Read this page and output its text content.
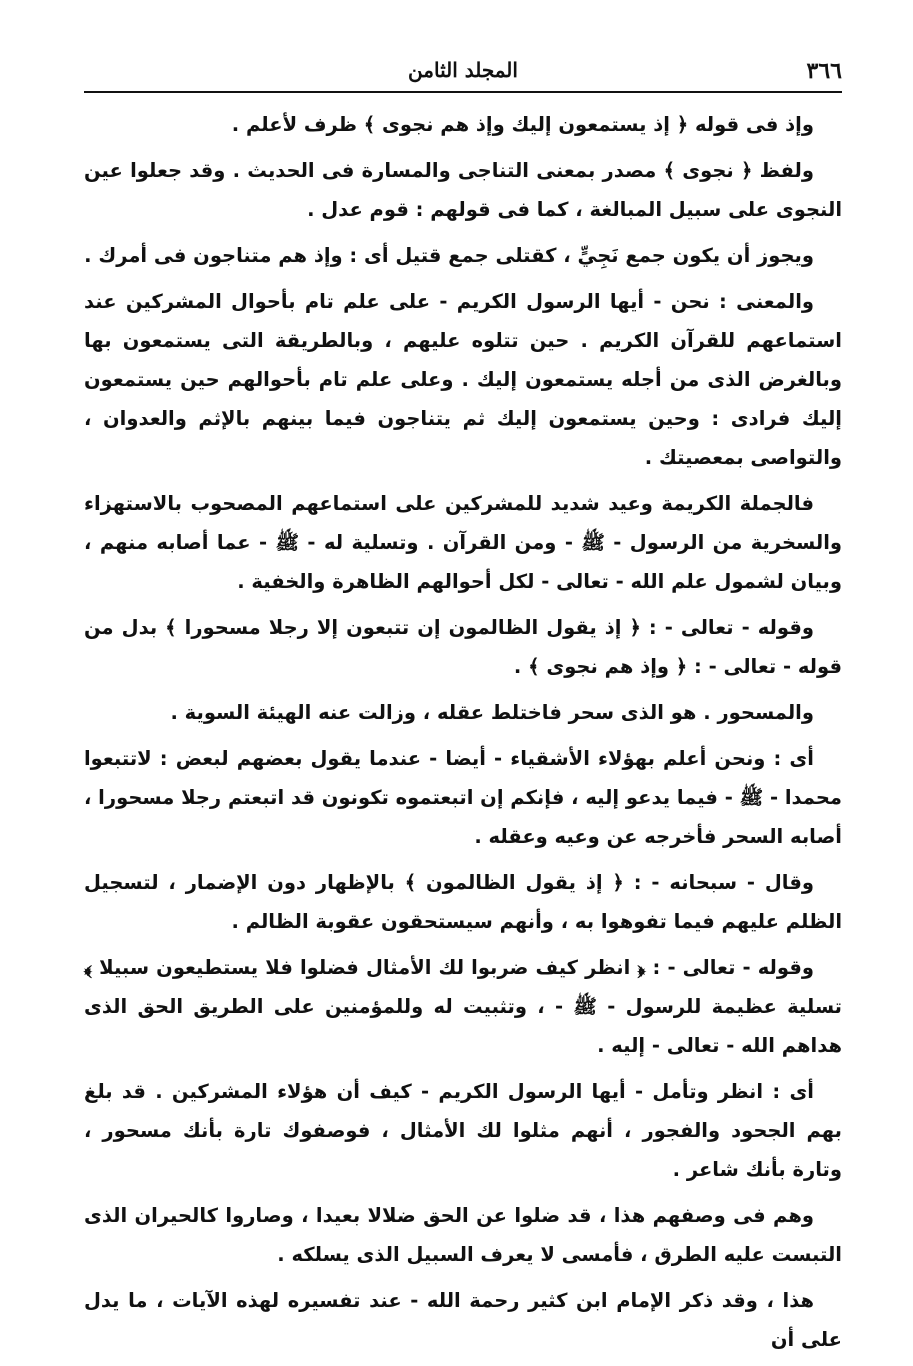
المجلد الثامن	٣٦٦

وإذ فى قوله ﴿ إذ يستمعون إليك وإذ هم نجوى ﴾ ظرف لأعلم .

ولفظ ﴿ نجوى ﴾ مصدر بمعنى التناجى والمسارة فى الحديث . وقد جعلوا عين النجوى على سبيل المبالغة ، كما فى قولهم : قوم عدل .

ويجوز أن يكون جمع نَجِيٍّ ، كقتلى جمع قتيل أى : وإذ هم متناجون فى أمرك .

والمعنى : نحن - أيها الرسول الكريم - على علم تام بأحوال المشركين عند استماعهم للقرآن الكريم . حين تتلوه عليهم ، وبالطريقة التى يستمعون بها وبالغرض الذى من أجله يستمعون إليك . وعلى علم تام بأحوالهم حين يستمعون إليك فرادى : وحين يستمعون إليك ثم يتناجون فيما بينهم بالإثم والعدوان ، والتواصى بمعصيتك .

فالجملة الكريمة وعيد شديد للمشركين على استماعهم المصحوب بالاستهزاء والسخرية من الرسول - ﷺ - ومن القرآن . وتسلية له - ﷺ - عما أصابه منهم ، وبيان لشمول علم الله - تعالى - لكل أحوالهم الظاهرة والخفية .

وقوله - تعالى - : ﴿ إذ يقول الظالمون إن تتبعون إلا رجلا مسحورا ﴾ بدل من قوله - تعالى - : ﴿ وإذ هم نجوى ﴾ .

والمسحور . هو الذى سحر فاختلط عقله ، وزالت عنه الهيئة السوية .

أى : ونحن أعلم بهؤلاء الأشقياء - أيضا - عندما يقول بعضهم لبعض : لاتتبعوا محمدا - ﷺ - فيما يدعو إليه ، فإنكم إن اتبعتموه تكونون قد اتبعتم رجلا مسحورا ، أصابه السحر فأخرجه عن وعيه وعقله .

وقال - سبحانه - : ﴿ إذ يقول الظالمون ﴾ بالإظهار دون الإضمار ، لتسجيل الظلم عليهم فيما تفوهوا به ، وأنهم سيستحقون عقوبة الظالم .

وقوله - تعالى - : ﴿ انظر كيف ضربوا لك الأمثال فضلوا فلا يستطيعون سبيلا ﴾ تسلية عظيمة للرسول - ﷺ - ، وتثبيت له وللمؤمنين على الطريق الحق الذى هداهم الله - تعالى - إليه .

أى : انظر وتأمل - أيها الرسول الكريم - كيف أن هؤلاء المشركين . قد بلغ بهم الجحود والفجور ، أنهم مثلوا لك الأمثال ، فوصفوك تارة بأنك مسحور ، وتارة بأنك شاعر .

وهم فى وصفهم هذا ، قد ضلوا عن الحق ضلالا بعيدا ، وصاروا كالحيران الذى التبست عليه الطرق ، فأمسى لا يعرف السبيل الذى يسلكه .

هذا ، وقد ذكر الإمام ابن كثير رحمة الله - عند تفسيره لهذه الآيات ، ما يدل على أن
